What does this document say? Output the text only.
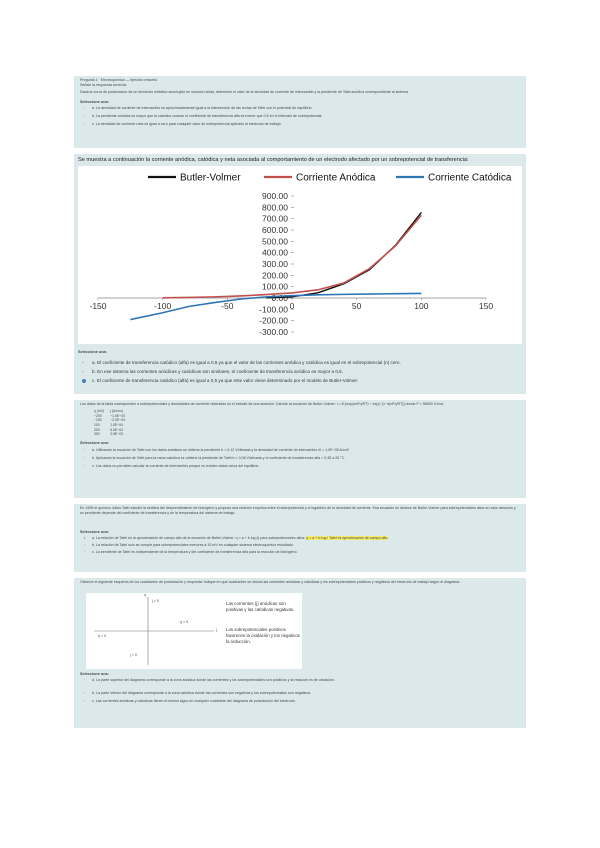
Pregunta 1 · Electroquímica — ejercicio resuelto
Señale la respuesta correcta:
Dada la curva de polarización de un electrodo metálico sumergido en solución ácida, determine el valor de la densidad de corriente de intercambio y la pendiente de Tafel anódica correspondiente al sistema.
Seleccione una:
◦ a. La densidad de corriente de intercambio es aproximadamente igual a la intersección de las rectas de Tafel con el potencial de equilibrio.
◦ b. La pendiente anódica es mayor que la catódica cuando el coeficiente de transferencia alfa es menor que 0,5 en el intervalo de sobrepotencial.
◦ c. La densidad de corriente neta es igual a cero para cualquier valor de sobrepotencial aplicado al electrodo de trabajo.
Se muestra a continuación la corriente anódica, catódica y neta asociada al comportamiento de un electrodo afectado por un sobrepotencial de transferencia:
-150	-100	-50	0	50	100	150
-300.00
-200.00
-100.00
0.00
100.00
200.00
300.00
400.00
500.00
600.00
700.00
800.00
900.00
Butler-Volmer	Corriente Anódica	Corriente Catódica
Seleccione una:
◦ a. El coeficiente de transferencia catódico (alfa) es igual a 0,5 ya que el valor de las corrientes anódica y catódica es igual en el sobrepotencial (n) cero.
◦ b. En ese sistema las corrientes anódicas y catódicas son similares, el coeficiente de transferencia anódico es mayor a 0,5.
c. El coeficiente de transferencia catódico (alfa) es igual a 0,5 ya que este valor viene determinado por el modelo de Butler-Volmer.
Los datos de la tabla corresponden a sobrepotenciales y densidades de corriente obtenidas en el estudio de una aleación. Calcule la ecuación de Butler-Volmer: i = i0 [exp(αnFη/RT) − exp(−(1−α)nFη/RT)] donde F = 96500 C/mol.
η (mV)	j (A/cm²)
−200	−1.0E−03
−100	−2.0E−04
100	1.0E−04
200	5.0E−04
300	2.5E−03
Seleccione una:
◦ a. Utilizando la ecuación de Tafel con los datos anódicos se obtiene la pendiente b = 0,12 V/década y la densidad de corriente de intercambio i0 = 1,0E−05 A/cm².
◦ b. Aplicando la ecuación de Tafel para la rama catódica se obtiene la pendiente de Tafel b = 0,08 V/década y el coeficiente de transferencia alfa = 0,35 a 25 °C.
◦ c. Los datos no permiten calcular la corriente de intercambio porque no existen datos cerca del equilibrio.
En 1905 el químico Julius Tafel estudió la cinética del desprendimiento de hidrógeno y propuso una relación empírica entre el sobrepotencial y el logaritmo de la densidad de corriente. Esa ecuación se deduce de Butler-Volmer para sobrepotenciales altos en valor absoluto y su pendiente depende del coeficiente de transferencia y de la temperatura del sistema de trabajo.
Seleccione una:
• a. La relación de Tafel es la aproximación de campo alto de la ecuación de Butler-Volmer: η = a + b log |i| para sobrepotenciales altos: η = a + b·log i Tafel es aproximación de campo alto.
◦ b. La relación de Tafel solo se cumple para sobrepotenciales menores a 10 mV en cualquier sistema electroquímico estudiado.
◦ c. La pendiente de Tafel es independiente de la temperatura y del coeficiente de transferencia alfa para la reacción de hidrógeno.
Observe el siguiente esquema de los cuadrantes de polarización y responda: indique en qué cuadrantes se ubican las corrientes anódicas y catódicas y los sobrepotenciales positivos y negativos del electrodo de trabajo según el diagrama.
η
j
j > 0
j < 0
η > 0
η < 0
Las corrientes (j) anódicas son positivas y las catódicas negativas.
Los sobrepotenciales positivos favorecen la oxidación y los negativos la reducción.
Seleccione una:
◦ a. La parte superior del diagrama corresponde a la zona anódica donde las corrientes y los sobrepotenciales son positivos y la reacción es de oxidación.
◦ b. La parte inferior del diagrama corresponde a la zona catódica donde las corrientes son negativas y los sobrepotenciales son negativos.
◦ c. Las corrientes anódicas y catódicas tienen el mismo signo en cualquier cuadrante del diagrama de polarización del electrodo.
